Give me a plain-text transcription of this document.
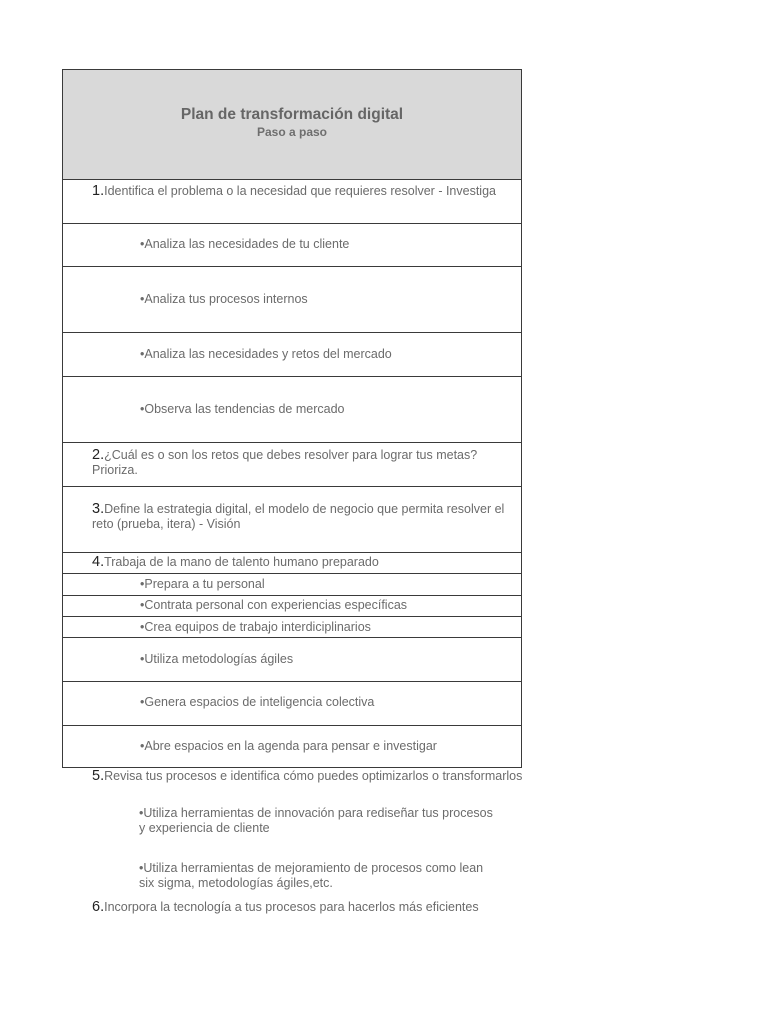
Plan de transformación digital
Paso a paso
1.Identifica el problema o la necesidad que requieres resolver - Investiga
•Analiza las necesidades de tu cliente
•Analiza tus procesos internos
•Analiza las necesidades y retos del mercado
•Observa las tendencias de mercado
2.¿Cuál es o son los retos que debes resolver para lograr tus metas? Prioriza.
3.Define la estrategia digital, el modelo de negocio que permita resolver el reto (prueba, itera) - Visión
4.Trabaja de la mano de talento humano preparado
•Prepara a tu personal
•Contrata personal con experiencias específicas
•Crea equipos de trabajo interdiciplinarios
•Utiliza metodologías ágiles
•Genera espacios de inteligencia colectiva
•Abre espacios en la agenda para pensar e investigar
5.Revisa tus procesos e identifica cómo puedes optimizarlos o transformarlos
•Utiliza herramientas de innovación para rediseñar tus procesos y experiencia de cliente
•Utiliza herramientas de mejoramiento de procesos como lean six sigma, metodologías ágiles,etc.
6.Incorpora la tecnología a tus procesos para hacerlos más eficientes
